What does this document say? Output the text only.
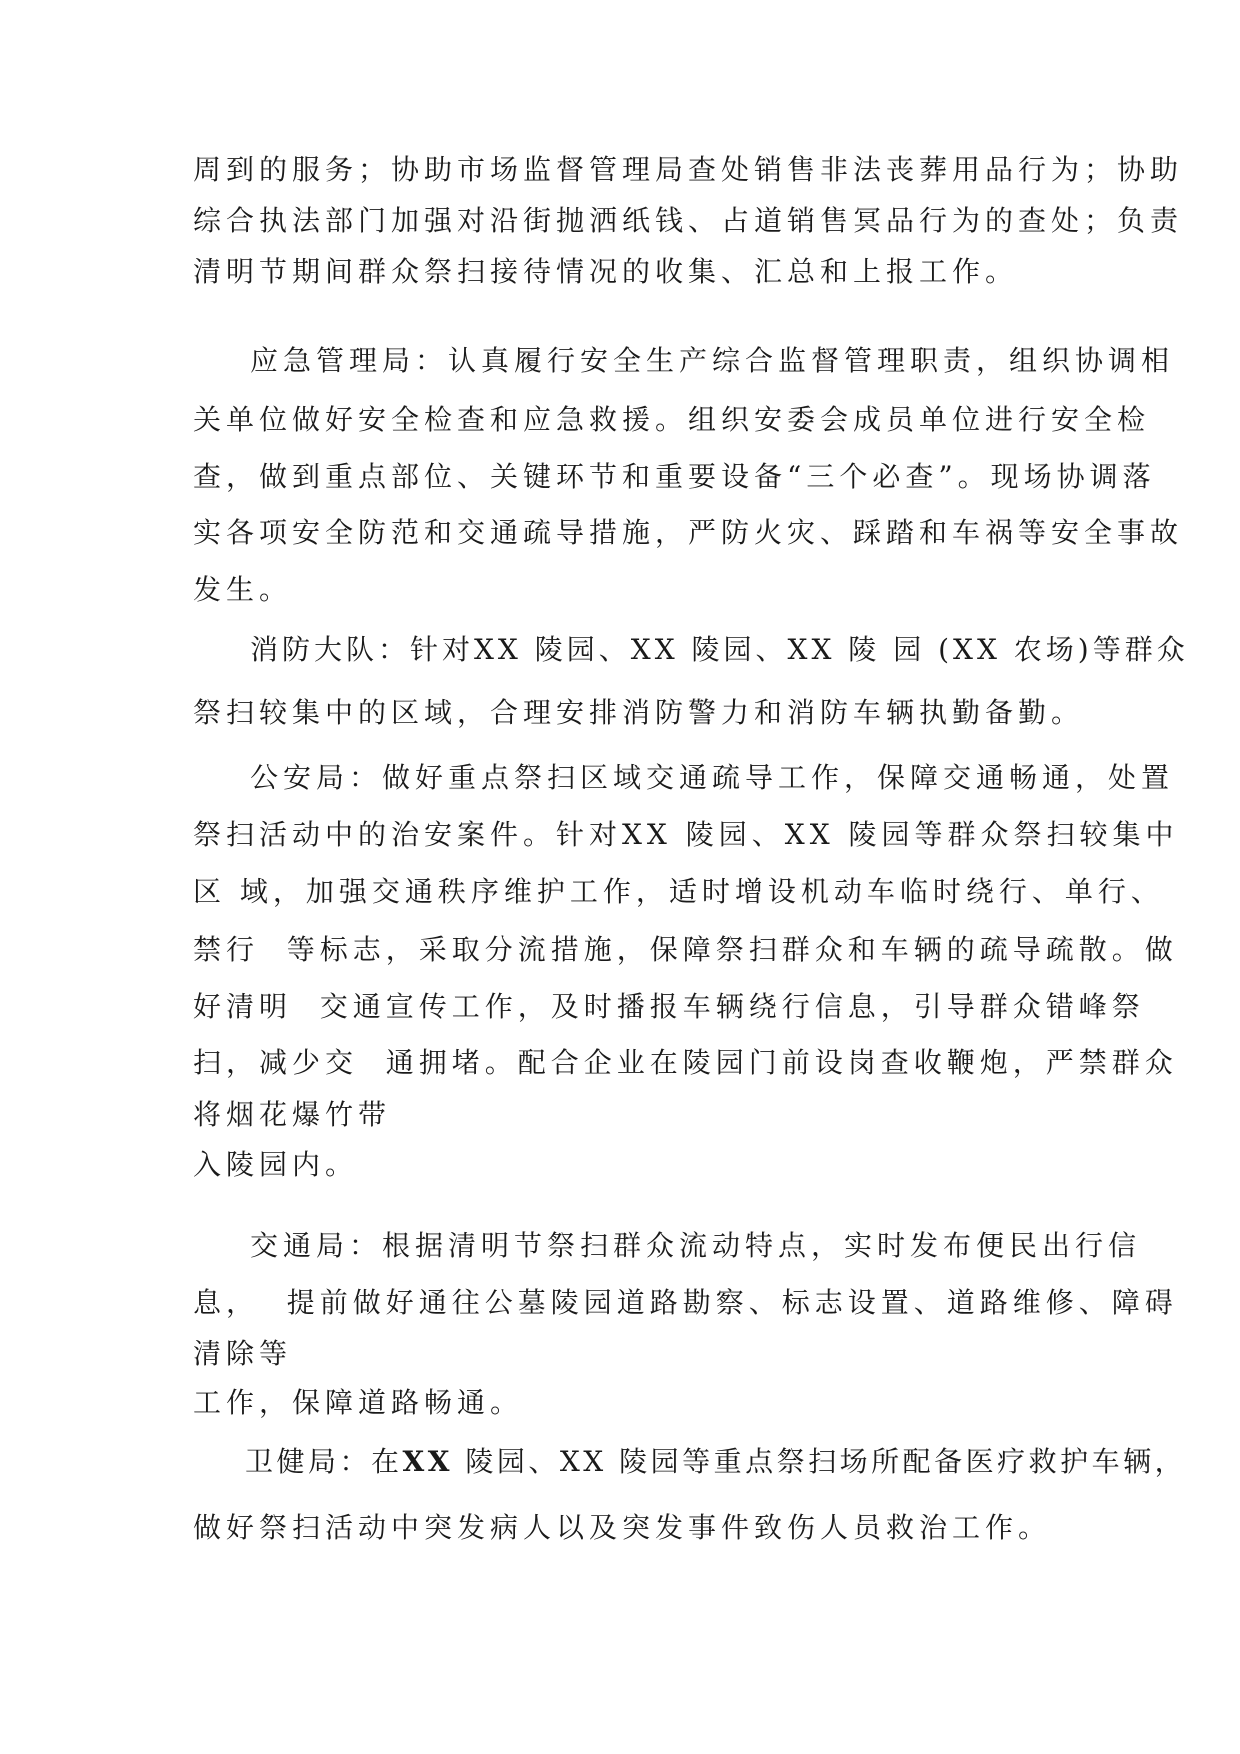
周到的服务；协助市场监督管理局查处销售非法丧葬用品行为；协助
综合执法部门加强对沿街抛洒纸钱、占道销售冥品行为的查处；负责
清明节期间群众祭扫接待情况的收集、汇总和上报工作。
应急管理局：认真履行安全生产综合监督管理职责，组织协调相
关单位做好安全检查和应急救援。组织安委会成员单位进行安全检
查，做到重点部位、关键环节和重要设备“三个必查”。现场协调落
实各项安全防范和交通疏导措施，严防火灾、踩踏和车祸等安全事故
发生。
消防大队：针对XX 陵园、XX 陵园、XX 陵 园 (XX 农场)等群众
祭扫较集中的区域，合理安排消防警力和消防车辆执勤备勤。
公安局：做好重点祭扫区域交通疏导工作，保障交通畅通，处置
祭扫活动中的治安案件。针对XX 陵园、XX 陵园等群众祭扫较集中
区 域，加强交通秩序维护工作，适时增设机动车临时绕行、单行、
禁行  等标志，采取分流措施，保障祭扫群众和车辆的疏导疏散。做
好清明  交通宣传工作，及时播报车辆绕行信息，引导群众错峰祭
扫，减少交  通拥堵。配合企业在陵园门前设岗查收鞭炮，严禁群众
将烟花爆竹带
入陵园内。
交通局：根据清明节祭扫群众流动特点，实时发布便民出行信
息，  提前做好通往公墓陵园道路勘察、标志设置、道路维修、障碍
清除等
工作，保障道路畅通。
卫健局：在XX 陵园、XX 陵园等重点祭扫场所配备医疗救护车辆，
做好祭扫活动中突发病人以及突发事件致伤人员救治工作。
